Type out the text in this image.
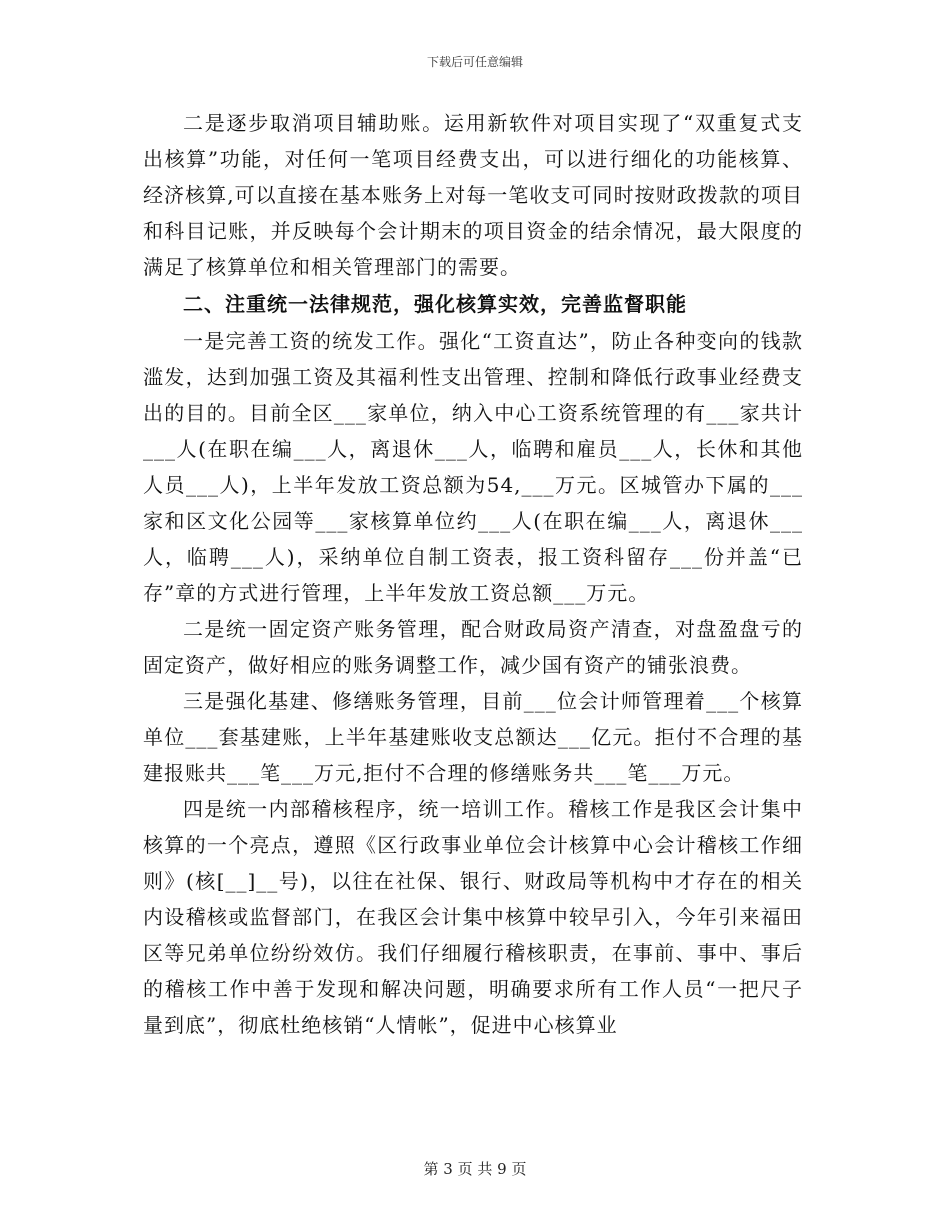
下载后可任意编辑

二是逐步取消项目辅助账。运用新软件对项目实现了“双重复式支出核算”功能，对任何一笔项目经费支出，可以进行细化的功能核算、经济核算,可以直接在基本账务上对每一笔收支可同时按财政拨款的项目和科目记账，并反映每个会计期末的项目资金的结余情况，最大限度的满足了核算单位和相关管理部门的需要。

二、注重统一法律规范，强化核算实效，完善监督职能

一是完善工资的统发工作。强化“工资直达”，防止各种变向的钱款滥发，达到加强工资及其福利性支出管理、控制和降低行政事业经费支出的目的。目前全区___家单位，纳入中心工资系统管理的有___家共计___人(在职在编___人，离退休___人，临聘和雇员___人，长休和其他人员___人)，上半年发放工资总额为54,___万元。区城管办下属的___家和区文化公园等___家核算单位约___人(在职在编___人，离退休___人，临聘___人)，采纳单位自制工资表，报工资科留存___份并盖“已存”章的方式进行管理，上半年发放工资总额___万元。

二是统一固定资产账务管理，配合财政局资产清查，对盘盈盘亏的固定资产，做好相应的账务调整工作，减少国有资产的铺张浪费。

三是强化基建、修缮账务管理，目前___位会计师管理着___个核算单位___套基建账，上半年基建账收支总额达___亿元。拒付不合理的基建报账共___笔___万元,拒付不合理的修缮账务共___笔___万元。

四是统一内部稽核程序，统一培训工作。稽核工作是我区会计集中核算的一个亮点，遵照《区行政事业单位会计核算中心会计稽核工作细则》(核[__]__号)，以往在社保、银行、财政局等机构中才存在的相关内设稽核或监督部门，在我区会计集中核算中较早引入，今年引来福田区等兄弟单位纷纷效仿。我们仔细履行稽核职责，在事前、事中、事后的稽核工作中善于发现和解决问题，明确要求所有工作人员“一把尺子量到底”，彻底杜绝核销“人情帐”，促进中心核算业

第 3 页 共 9 页
